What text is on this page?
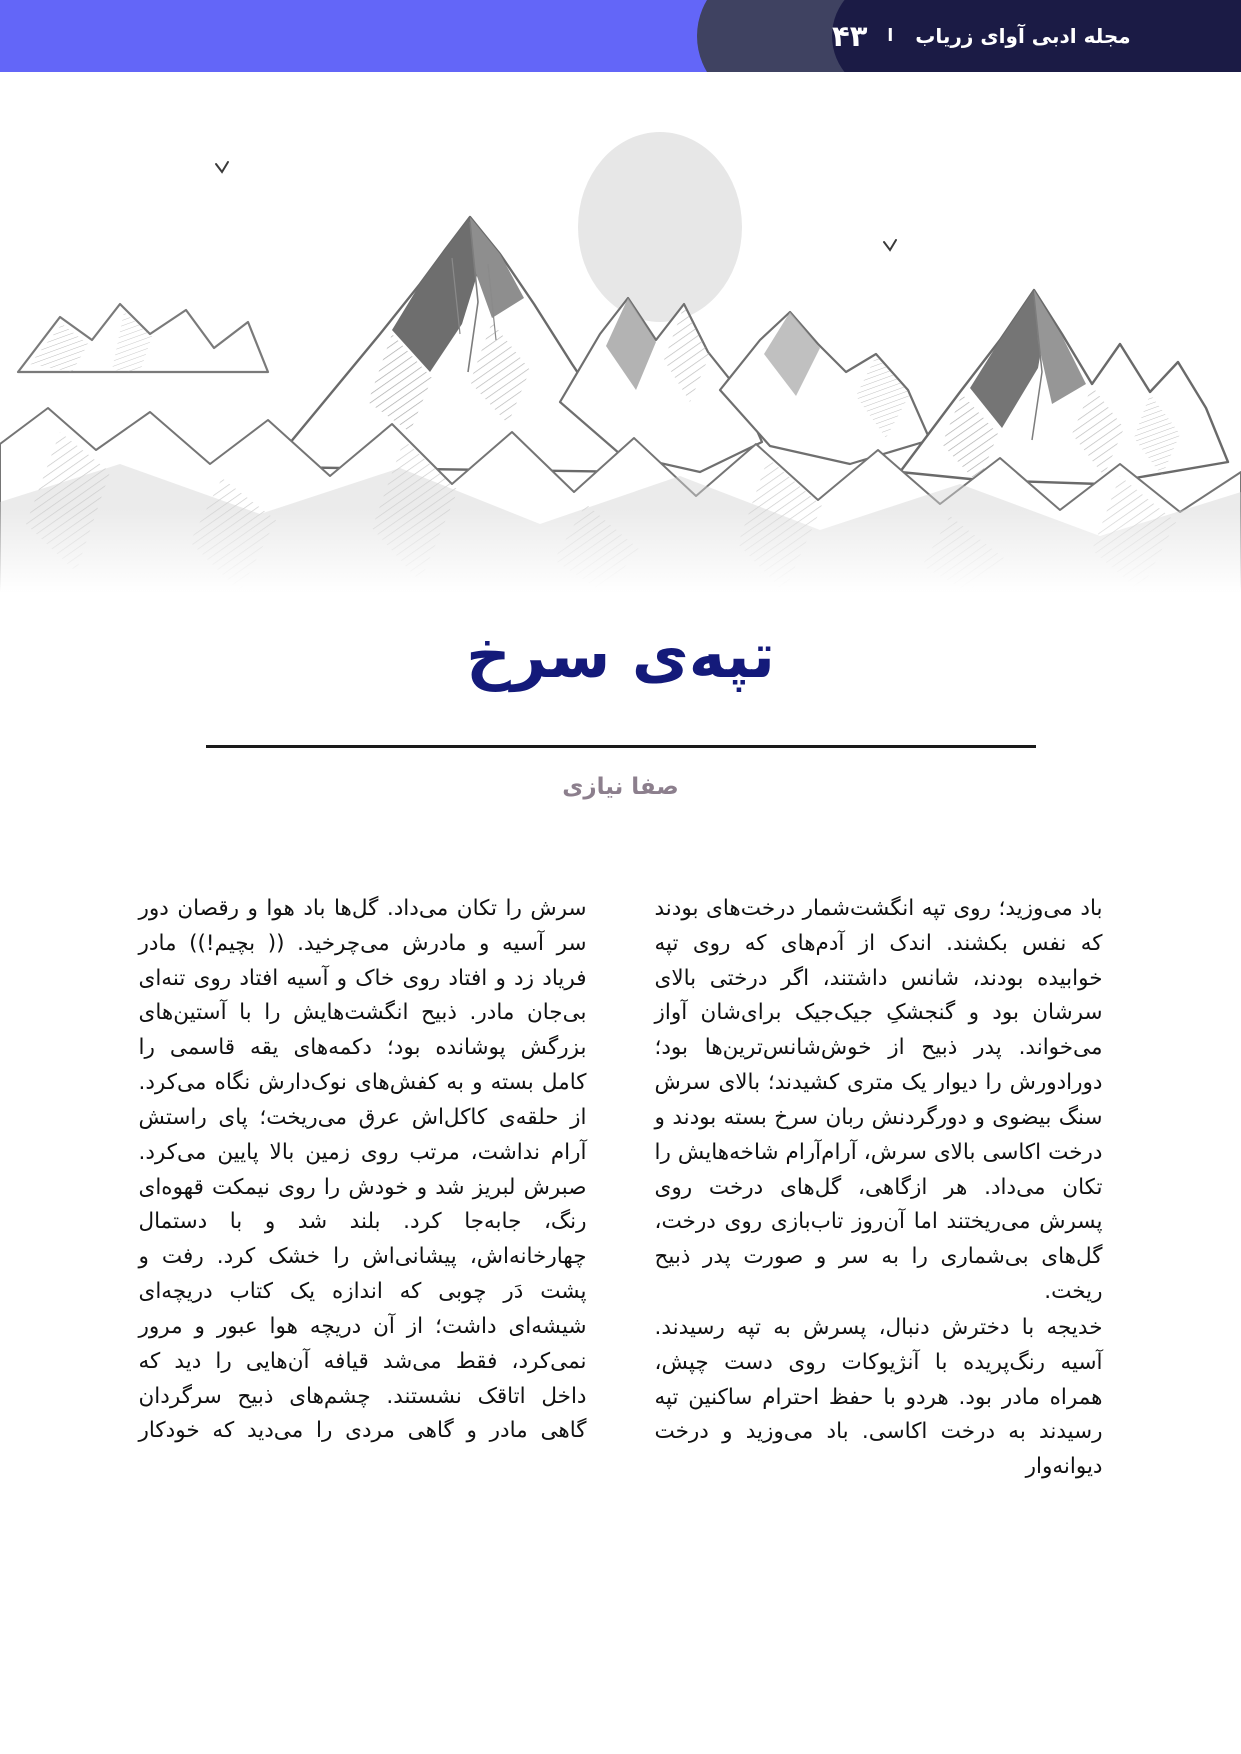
۴۳ ا مجله ادبی آوای زریاب
تپه‌ی سرخ
صفا نیازی

باد می‌وزید؛ روی تپه انگشت‌شمار درخت‌های بودند که نفس بکشند. اندک از آدم‌های که روی تپه خوابیده بودند، شانس داشتند، اگر درختی بالای سرشان بود و گنجشکِ جیک‌جیک برای‌شان آواز می‌خواند. پدر ذبیح از خوش‌شانس‌ترین‌ها بود؛ دورادورش را دیوار یک متری کشیدند؛ بالای سرش سنگ بیضوی و دورگردنش ربان سرخ بسته بودند و درخت اکاسی بالای سرش، آرام‌آرام شاخه‌هایش را تکان می‌داد. هر ازگاهی، گل‌های درخت روی پسرش می‌ریختند اما آن‌روز تاب‌بازی روی درخت، گل‌های بی‌شماری را به سر و صورت پدر ذبیح ریخت.

خدیجه با دخترش دنبال، پسرش به تپه رسیدند. آسیه رنگ‌پریده با آنژیوکات روی دست چپش، همراه مادر بود. هردو با حفظ احترام ساکنین تپه رسیدند به درخت اکاسی. باد می‌وزید و درخت دیوانه‌وار

سرش را تکان می‌داد. گل‌ها باد هوا و رقصان دور سر آسیه و مادرش می‌چرخید. (( بچیم!)) مادر فریاد زد و افتاد روی خاک و آسیه افتاد روی تنه‌ای بی‌جان مادر. ذبیح انگشت‌هایش را با آستین‌های بزرگش پوشانده بود؛ دکمه‌های یقه قاسمی را کامل بسته و به کفش‌های نوک‌دارش نگاه می‌کرد. از حلقه‌ی کاکل‌اش عرق می‌ریخت؛ پای راستش آرام نداشت، مرتب روی زمین بالا پایین می‌کرد. صبرش لبریز شد و خودش را روی نیمکت قهوه‌ای رنگ، جابه‌جا کرد. بلند شد و با دستمال چهارخانه‌اش، پیشانی‌اش را خشک کرد. رفت و پشت دَر چوبی که اندازه یک کتاب دریچه‌ای شیشه‌ای داشت؛ از آن دریچه هوا عبور و مرور نمی‌کرد، فقط می‌شد قیافه آن‌هایی را دید که داخل اتاقک نشستند. چشم‌های ذبیح سرگردان گاهی مادر و گاهی مردی را می‌دید که خودکار
